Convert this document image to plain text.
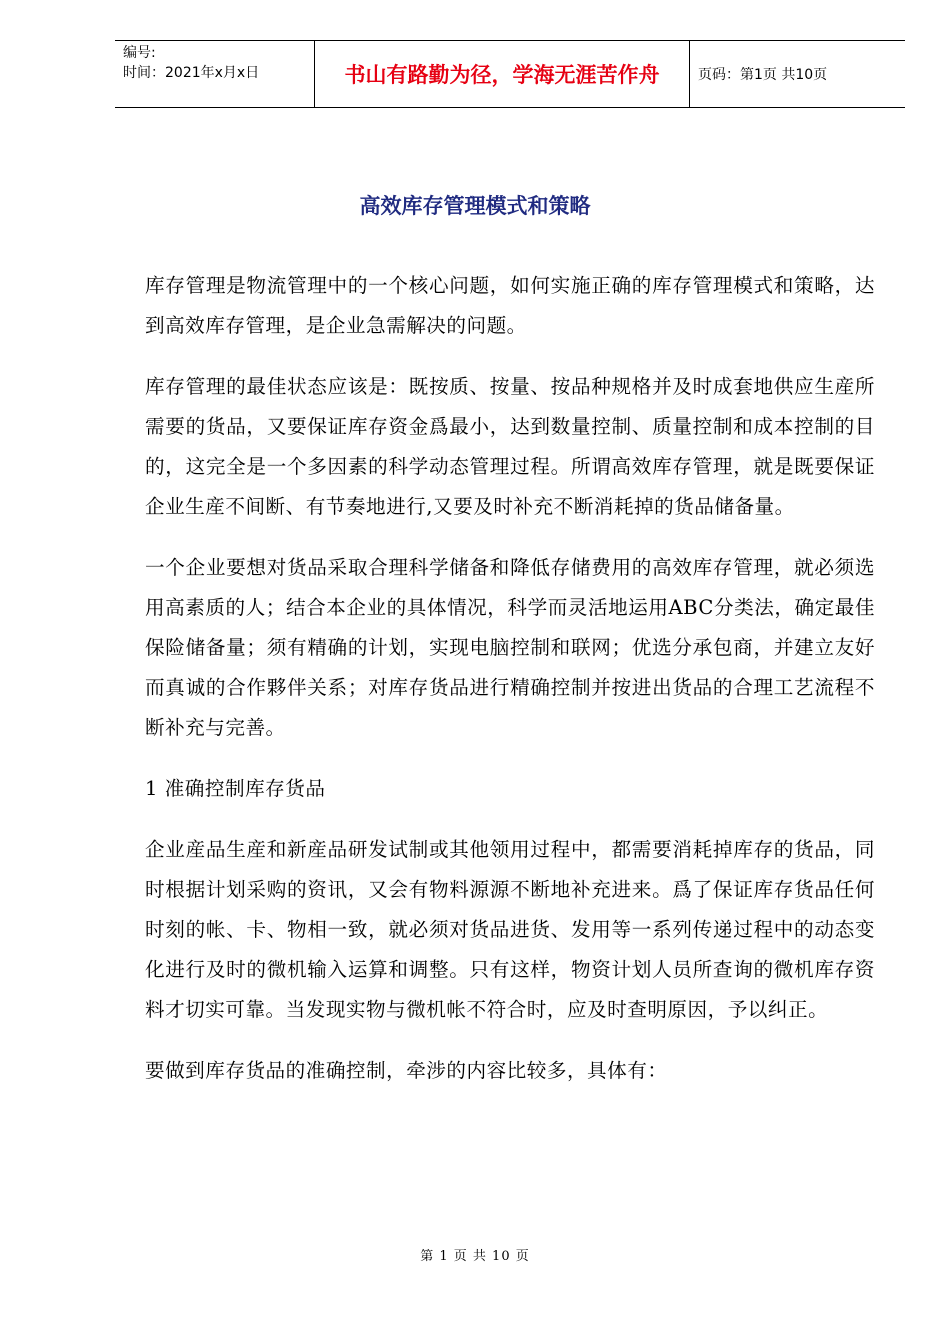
编号:
时间：2021年x月x日	书山有路勤为径，学海无涯苦作舟	页码：第1页 共10页
高效库存管理模式和策略

库存管理是物流管理中的一个核心问题，如何实施正确的库存管理模式和策略，达到高效库存管理，是企业急需解决的问题。

库存管理的最佳状态应该是：既按质、按量、按品种规格并及时成套地供应生産所需要的货品，又要保证库存资金爲最小，达到数量控制、质量控制和成本控制的目的，这完全是一个多因素的科学动态管理过程。所谓高效库存管理，就是既要保证企业生産不间断、有节奏地进行,又要及时补充不断消耗掉的货品储备量。

一个企业要想对货品采取合理科学储备和降低存储费用的高效库存管理，就必须选用高素质的人；结合本企业的具体情况，科学而灵活地运用ABC分类法，确定最佳保险储备量；须有精确的计划，实现电脑控制和联网；优选分承包商，并建立友好而真诚的合作夥伴关系；对库存货品进行精确控制并按进出货品的合理工艺流程不断补充与完善。

1 准确控制库存货品

企业産品生産和新産品研发试制或其他领用过程中，都需要消耗掉库存的货品，同时根据计划采购的资讯，又会有物料源源不断地补充进来。爲了保证库存货品任何时刻的帐、卡、物相一致，就必须对货品进货、发用等一系列传递过程中的动态变化进行及时的微机输入运算和调整。只有这样，物资计划人员所查询的微机库存资料才切实可靠。当发现实物与微机帐不符合时，应及时查明原因，予以纠正。

要做到库存货品的准确控制，牵涉的内容比较多，具体有：

第 1 页 共 10 页
